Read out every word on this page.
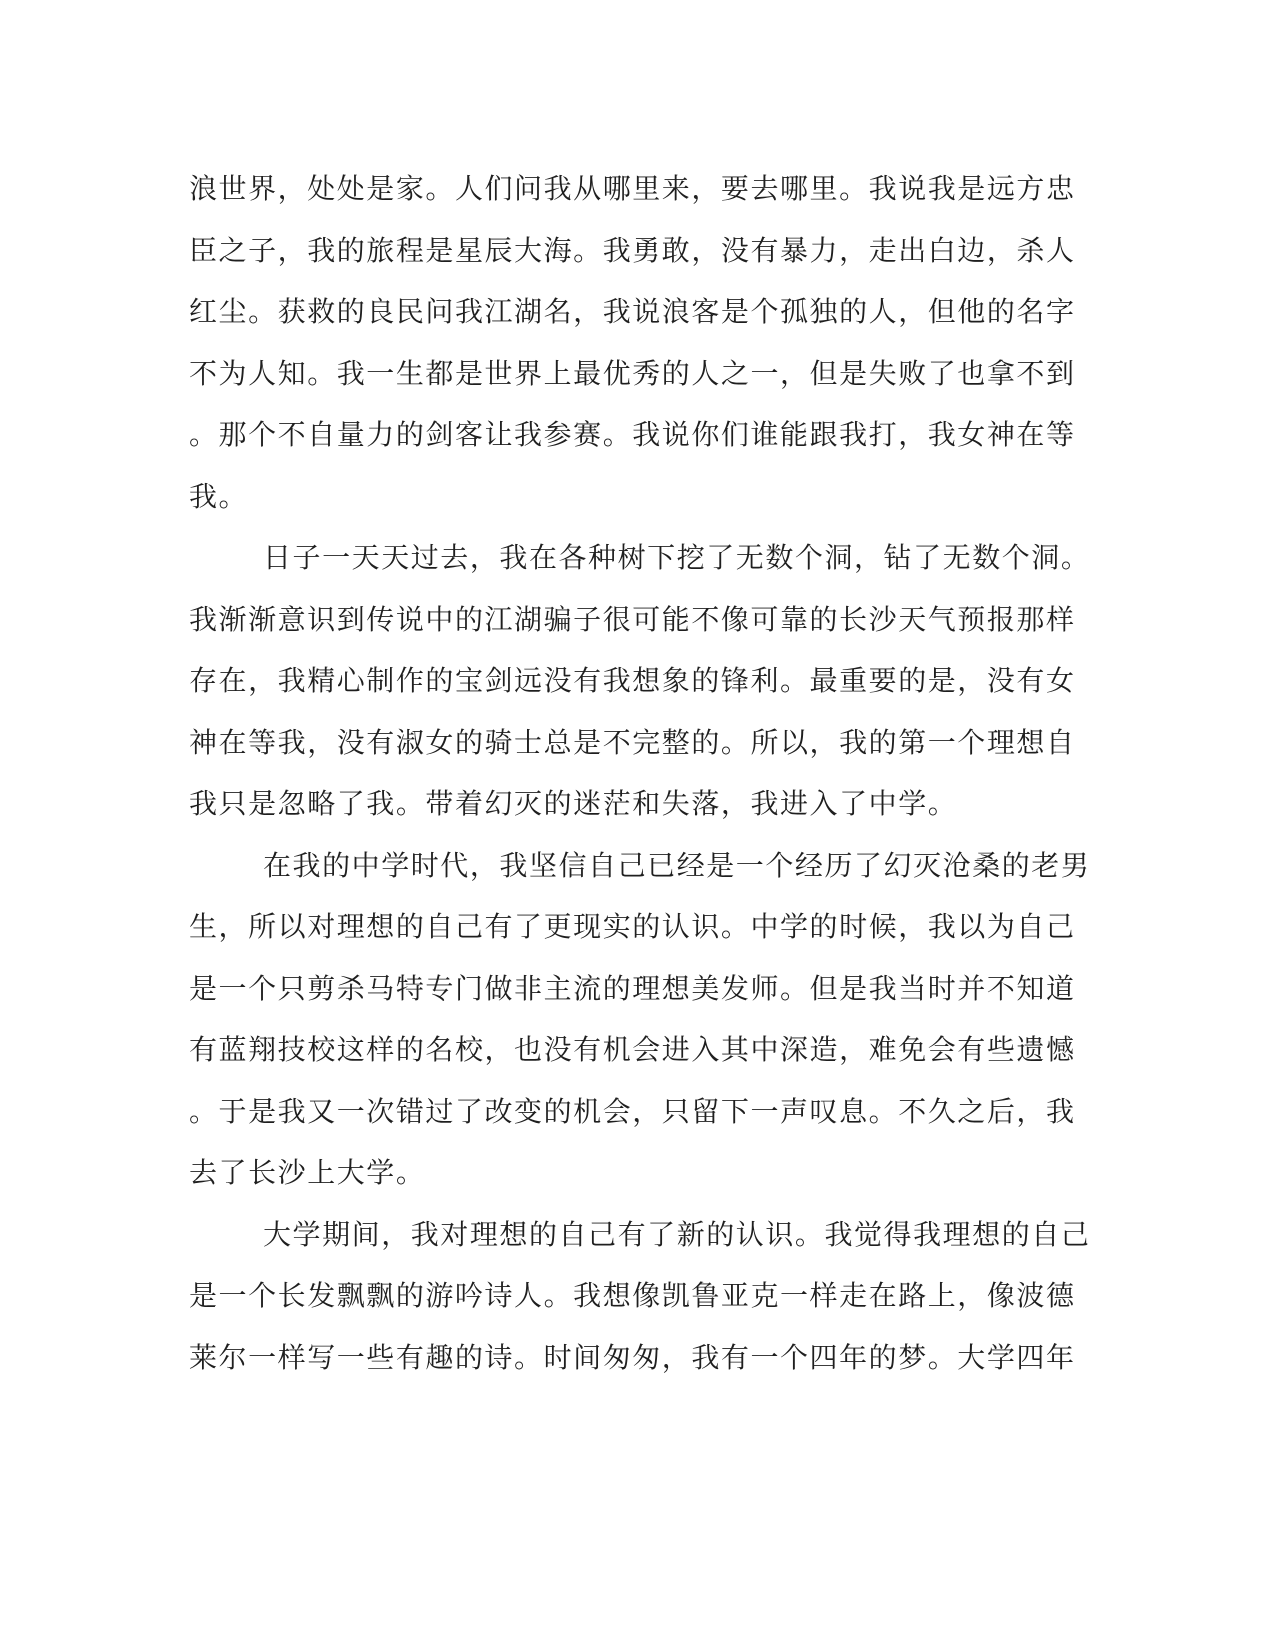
浪世界，处处是家。人们问我从哪里来，要去哪里。我说我是远方忠
臣之子，我的旅程是星辰大海。我勇敢，没有暴力，走出白边，杀人
红尘。获救的良民问我江湖名，我说浪客是个孤独的人，但他的名字
不为人知。我一生都是世界上最优秀的人之一，但是失败了也拿不到
。那个不自量力的剑客让我参赛。我说你们谁能跟我打，我女神在等
我。
日子一天天过去，我在各种树下挖了无数个洞，钻了无数个洞。
我渐渐意识到传说中的江湖骗子很可能不像可靠的长沙天气预报那样
存在，我精心制作的宝剑远没有我想象的锋利。最重要的是，没有女
神在等我，没有淑女的骑士总是不完整的。所以，我的第一个理想自
我只是忽略了我。带着幻灭的迷茫和失落，我进入了中学。
在我的中学时代，我坚信自己已经是一个经历了幻灭沧桑的老男
生，所以对理想的自己有了更现实的认识。中学的时候，我以为自己
是一个只剪杀马特专门做非主流的理想美发师。但是我当时并不知道
有蓝翔技校这样的名校，也没有机会进入其中深造，难免会有些遗憾
。于是我又一次错过了改变的机会，只留下一声叹息。不久之后，我
去了长沙上大学。
大学期间，我对理想的自己有了新的认识。我觉得我理想的自己
是一个长发飘飘的游吟诗人。我想像凯鲁亚克一样走在路上，像波德
莱尔一样写一些有趣的诗。时间匆匆，我有一个四年的梦。大学四年
